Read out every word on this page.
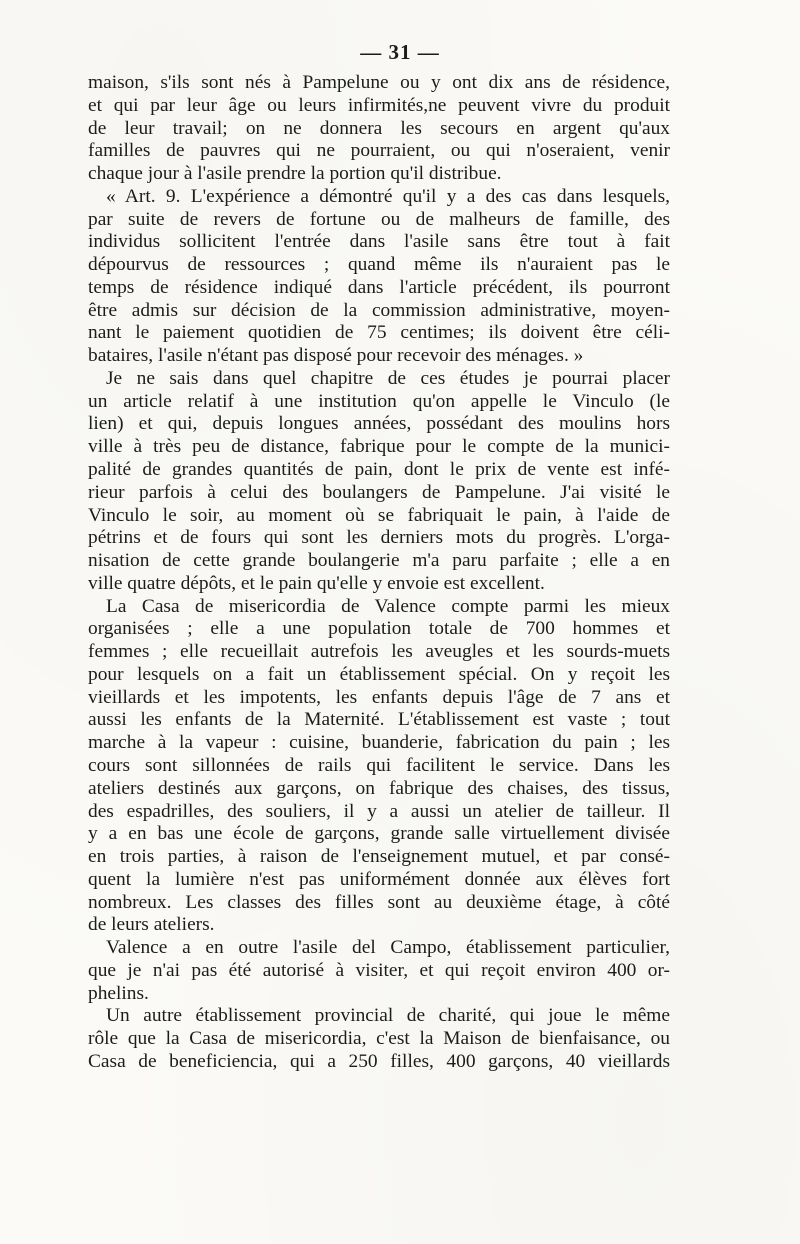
— 31 —
maison, s'ils sont nés à Pampelune ou y ont dix ans de résidence,
et qui par leur âge ou leurs infirmités,ne peuvent vivre du produit
de leur travail; on ne donnera les secours en argent qu'aux
familles de pauvres qui ne pourraient, ou qui n'oseraient, venir
chaque jour à l'asile prendre la portion qu'il distribue.
« Art. 9. L'expérience a démontré qu'il y a des cas dans lesquels,
par suite de revers de fortune ou de malheurs de famille, des
individus sollicitent l'entrée dans l'asile sans être tout à fait
dépourvus de ressources ; quand même ils n'auraient pas le
temps de résidence indiqué dans l'article précédent, ils pourront
être admis sur décision de la commission administrative, moyen-
nant le paiement quotidien de 75 centimes; ils doivent être céli-
bataires, l'asile n'étant pas disposé pour recevoir des ménages. »
Je ne sais dans quel chapitre de ces études je pourrai placer
un article relatif à une institution qu'on appelle le Vinculo (le
lien) et qui, depuis longues années, possédant des moulins hors
ville à très peu de distance, fabrique pour le compte de la munici-
palité de grandes quantités de pain, dont le prix de vente est infé-
rieur parfois à celui des boulangers de Pampelune. J'ai visité le
Vinculo le soir, au moment où se fabriquait le pain, à l'aide de
pétrins et de fours qui sont les derniers mots du progrès. L'orga-
nisation de cette grande boulangerie m'a paru parfaite ; elle a en
ville quatre dépôts, et le pain qu'elle y envoie est excellent.
La Casa de misericordia de Valence compte parmi les mieux
organisées ; elle a une population totale de 700 hommes et
femmes ; elle recueillait autrefois les aveugles et les sourds-muets
pour lesquels on a fait un établissement spécial. On y reçoit les
vieillards et les impotents, les enfants depuis l'âge de 7 ans et
aussi les enfants de la Maternité. L'établissement est vaste ; tout
marche à la vapeur : cuisine, buanderie, fabrication du pain ; les
cours sont sillonnées de rails qui facilitent le service. Dans les
ateliers destinés aux garçons, on fabrique des chaises, des tissus,
des espadrilles, des souliers, il y a aussi un atelier de tailleur. Il
y a en bas une école de garçons, grande salle virtuellement divisée
en trois parties, à raison de l'enseignement mutuel, et par consé-
quent la lumière n'est pas uniformément donnée aux élèves fort
nombreux. Les classes des filles sont au deuxième étage, à côté
de leurs ateliers.
Valence a en outre l'asile del Campo, établissement particulier,
que je n'ai pas été autorisé à visiter, et qui reçoit environ 400 or-
phelins.
Un autre établissement provincial de charité, qui joue le même
rôle que la Casa de misericordia, c'est la Maison de bienfaisance, ou
Casa de beneficiencia, qui a 250 filles, 400 garçons, 40 vieillards
